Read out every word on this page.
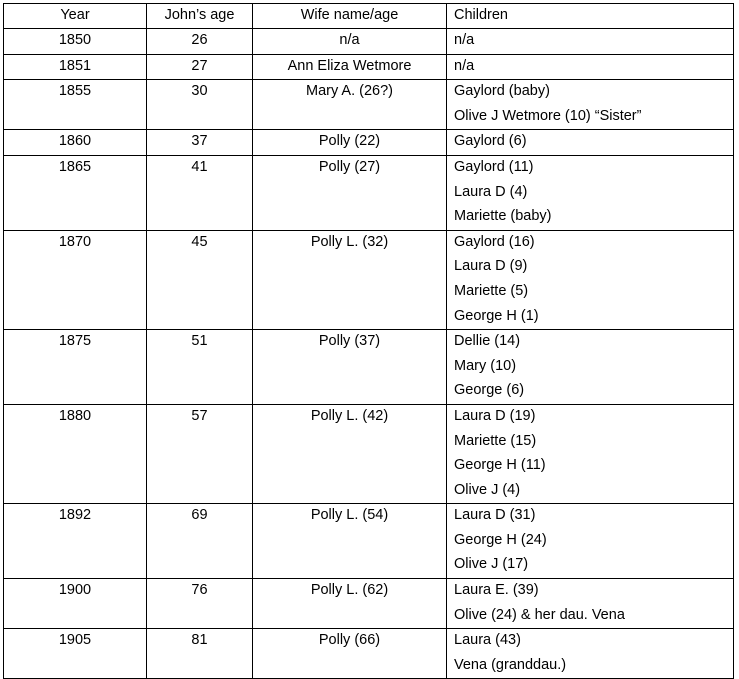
Year	John’s age	Wife name/age	Children

1850	26	n/a	n/a

1851	27	Ann Eliza Wetmore	n/a

1855	30	Mary A. (26?)	Gaylord (baby)
Olive J Wetmore (10) “Sister”

1860	37	Polly (22)	Gaylord (6)

1865	41	Polly (27)	Gaylord (11)
Laura D (4)
Mariette (baby)

1870	45	Polly L. (32)	Gaylord (16)
Laura D (9)
Mariette (5)
George H (1)

1875	51	Polly (37)	Dellie (14)
Mary (10)
George (6)

1880	57	Polly L. (42)	Laura D (19)
Mariette (15)
George H (11)
Olive J (4)

1892	69	Polly L. (54)	Laura D (31)
George H (24)
Olive J (17)

1900	76	Polly L. (62)	Laura E. (39)
Olive (24) & her dau. Vena

1905	81	Polly (66)	Laura (43)
Vena (granddau.)
